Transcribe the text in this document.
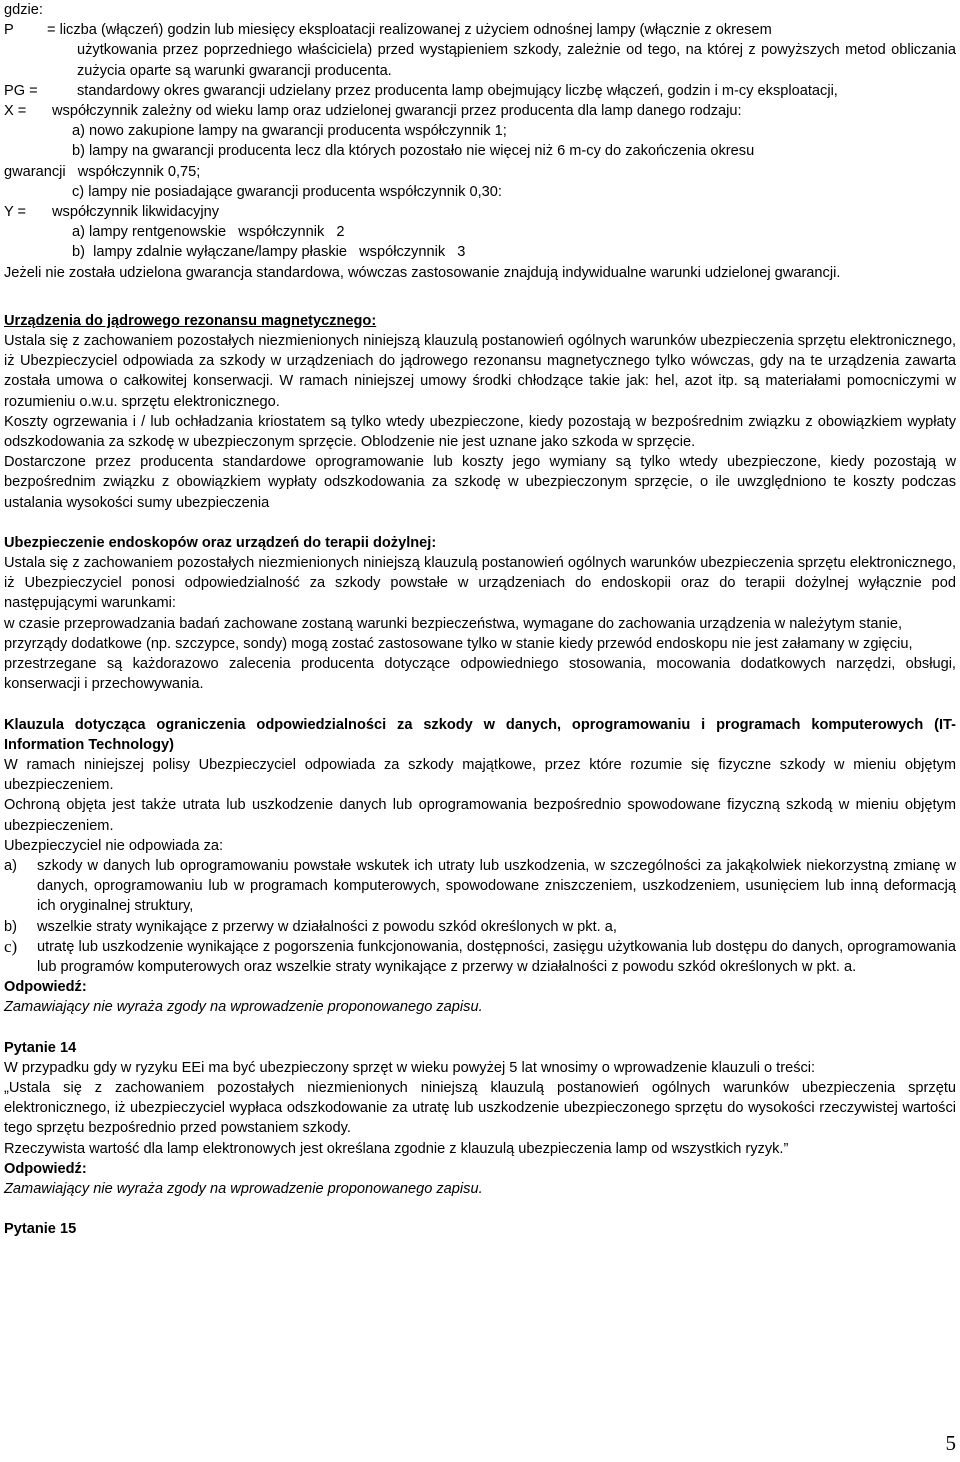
gdzie:

P	= liczba (włączeń) godzin lub miesięcy eksploatacji realizowanej z użyciem odnośnej lampy (włącznie z okresem

użytkowania przez poprzedniego właściciela) przed wystąpieniem szkody, zależnie od tego, na której z powyższych metod obliczania zużycia oparte są warunki gwarancji producenta.

PG =	standardowy okres gwarancji udzielany przez producenta lamp obejmujący liczbę włączeń, godzin i m-cy eksploatacji,
X =	współczynnik zależny od wieku lamp oraz udzielonej gwarancji przez producenta dla lamp danego rodzaju:

a) nowo zakupione lampy na gwarancji producenta współczynnik 1;

b) lampy na gwarancji producenta lecz dla których pozostało nie więcej niż 6 m-cy do zakończenia okresu

gwarancji   współczynnik 0,75;

c) lampy nie posiadające gwarancji producenta współczynnik 0,30:

Y =	współczynnik likwidacyjny

a) lampy rentgenowskie   współczynnik   2

b)  lampy zdalnie wyłączane/lampy płaskie   współczynnik   3

Jeżeli nie została udzielona gwarancja standardowa, wówczas zastosowanie znajdują indywidualne warunki udzielonej gwarancji.

Urządzenia do jądrowego rezonansu magnetycznego:

Ustala się z zachowaniem pozostałych niezmienionych niniejszą klauzulą postanowień ogólnych warunków ubezpieczenia sprzętu elektronicznego, iż Ubezpieczyciel odpowiada za szkody w urządzeniach do jądrowego rezonansu magnetycznego tylko wówczas, gdy na te urządzenia zawarta została umowa o całkowitej konserwacji. W ramach niniejszej umowy środki chłodzące takie jak: hel, azot itp. są materiałami pomocniczymi w rozumieniu o.w.u. sprzętu elektronicznego.

Koszty ogrzewania i / lub ochładzania kriostatem są tylko wtedy ubezpieczone, kiedy pozostają w bezpośrednim związku z obowiązkiem wypłaty odszkodowania za szkodę w ubezpieczonym sprzęcie. Oblodzenie nie jest uznane jako szkoda w sprzęcie.

Dostarczone przez producenta standardowe oprogramowanie lub koszty jego wymiany są tylko wtedy ubezpieczone, kiedy pozostają w bezpośrednim związku z obowiązkiem wypłaty odszkodowania za szkodę w ubezpieczonym sprzęcie, o ile uwzględniono te koszty podczas ustalania wysokości sumy ubezpieczenia

Ubezpieczenie endoskopów oraz urządzeń do terapii dożylnej:

Ustala się z zachowaniem pozostałych niezmienionych niniejszą klauzulą postanowień ogólnych warunków ubezpieczenia sprzętu elektronicznego, iż Ubezpieczyciel ponosi odpowiedzialność za szkody powstałe w urządzeniach do endoskopii oraz do terapii dożylnej wyłącznie pod następującymi warunkami:

w czasie przeprowadzania badań zachowane zostaną warunki bezpieczeństwa, wymagane do zachowania urządzenia w należytym stanie,

przyrządy dodatkowe (np. szczypce, sondy) mogą zostać zastosowane tylko w stanie kiedy przewód endoskopu nie jest załamany w zgięciu,

przestrzegane są każdorazowo zalecenia producenta dotyczące odpowiedniego stosowania, mocowania dodatkowych narzędzi, obsługi, konserwacji i przechowywania.

Klauzula dotycząca ograniczenia odpowiedzialności za szkody w danych, oprogramowaniu i programach komputerowych (IT- Information Technology)

W ramach niniejszej polisy Ubezpieczyciel odpowiada za szkody majątkowe, przez które rozumie się fizyczne szkody w mieniu objętym ubezpieczeniem.

Ochroną objęta jest także utrata lub uszkodzenie danych lub oprogramowania bezpośrednio spowodowane fizyczną szkodą w mieniu objętym ubezpieczeniem.

Ubezpieczyciel nie odpowiada za:

a)	szkody w danych lub oprogramowaniu powstałe wskutek ich utraty lub uszkodzenia, w szczególności za jakąkolwiek niekorzystną zmianę w danych, oprogramowaniu lub w programach komputerowych, spowodowane zniszczeniem, uszkodzeniem, usunięciem lub inną deformacją ich oryginalnej struktury,
b)	wszelkie straty wynikające z przerwy w działalności z powodu szkód określonych w pkt. a,
c)	utratę lub uszkodzenie wynikające z pogorszenia funkcjonowania, dostępności, zasięgu użytkowania lub dostępu do danych, oprogramowania lub programów komputerowych oraz wszelkie straty wynikające z przerwy w działalności z powodu szkód określonych w pkt. a.

Odpowiedź:

Zamawiający nie wyraża zgody na wprowadzenie proponowanego zapisu.

Pytanie 14

W przypadku gdy w ryzyku EEi ma być ubezpieczony sprzęt w wieku powyżej 5 lat wnosimy o wprowadzenie klauzuli o treści:

„Ustala się z zachowaniem pozostałych niezmienionych niniejszą klauzulą postanowień ogólnych warunków ubezpieczenia sprzętu elektronicznego, iż ubezpieczyciel wypłaca odszkodowanie za utratę lub uszkodzenie ubezpieczonego sprzętu do wysokości rzeczywistej wartości tego sprzętu bezpośrednio przed powstaniem szkody.

Rzeczywista wartość dla lamp elektronowych jest określana zgodnie z klauzulą ubezpieczenia lamp od wszystkich ryzyk.”

Odpowiedź:

Zamawiający nie wyraża zgody na wprowadzenie proponowanego zapisu.

Pytanie 15

5
